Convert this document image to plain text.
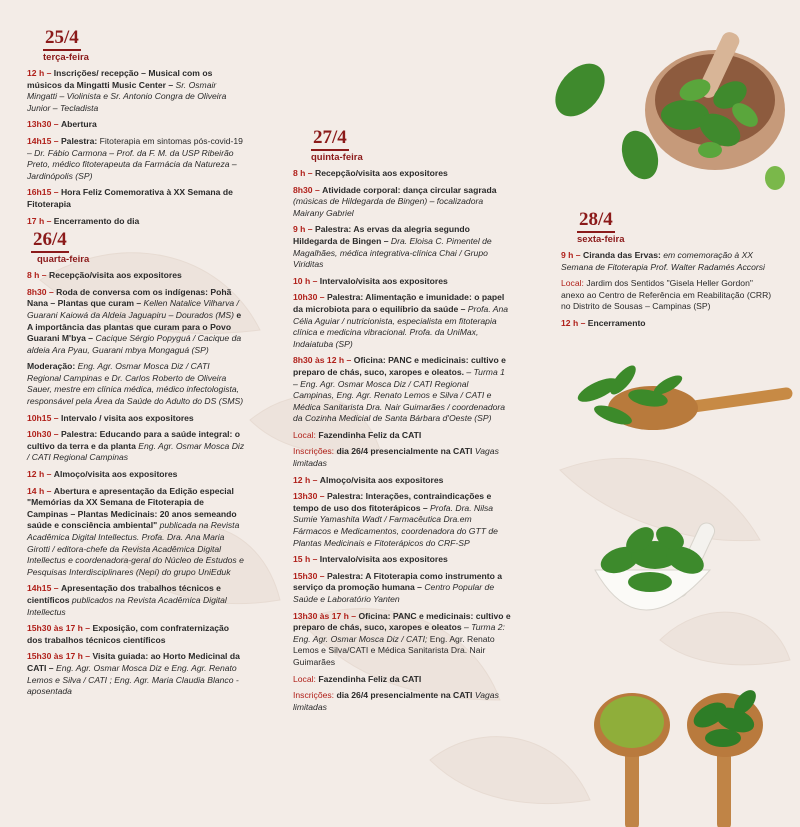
25/4
terça-feira
12 h – Inscrições/ recepção – Musical com os músicos da Mingatti Music Center – Sr. Osmair Mingatti – Violinista e Sr. Antonio Congra de Oliveira Junior – Tecladista
13h30 – Abertura
14h15 – Palestra: Fitoterapia em sintomas pós-covid-19 – Dr. Fábio Carmona – Prof. da F. M. da USP Ribeirão Preto, médico fitoterapeuta da Farmácia da Natureza – Jardinópolis (SP)
16h15 – Hora Feliz Comemorativa à XX Semana de Fitoterapia
17 h – Encerramento do dia
26/4
quarta-feira
8 h – Recepção/visita aos expositores
8h30 – Roda de conversa com os indígenas: Pohã Nana – Plantas que curam – Kellen Natalice Vilharva / Guarani Kaiowá da Aldeia Jaguapiru – Dourados (MS) e A importância das plantas que curam para o Povo Guarani M'bya – Cacique Sérgio Popyguá / Cacique da aldeia Ara Pyau, Guarani mbya Mongaguá (SP)
Moderação: Eng. Agr. Osmar Mosca Diz / CATI Regional Campinas e Dr. Carlos Roberto de Oliveira Sauer, mestre em clínica médica, médico infectologista, responsável pela Área da Saúde do Adulto do DS (SMS)
10h15 – Intervalo / visita aos expositores
10h30 – Palestra: Educando para a saúde integral: o cultivo da terra e da planta Eng. Agr. Osmar Mosca Diz / CATI Regional Campinas
12 h – Almoço/visita aos expositores
14 h – Abertura e apresentação da Edição especial "Memórias da XX Semana de Fitoterapia de Campinas – Plantas Medicinais: 20 anos semeando saúde e consciência ambiental" publicada na Revista Acadêmica Digital Intellectus. Profa. Dra. Ana Maria Girotti / editora-chefe da Revista Acadêmica Digital Intellectus e coordenadora-geral do Núcleo de Estudos e Pesquisas Interdisciplinares (Nepi) do grupo UniEduk
14h15 – Apresentação dos trabalhos técnicos e científicos publicados na Revista Acadêmica Digital Intellectus
15h30 às 17 h – Exposição, com confraternização dos trabalhos técnicos científicos
15h30 às 17 h – Visita guiada: ao Horto Medicinal da CATI – Eng. Agr. Osmar Mosca Diz e Eng. Agr. Renato Lemos e Silva / CATI ; Eng. Agr. Maria Claudia Blanco - aposentada
27/4
quinta-feira
8 h – Recepção/visita aos expositores
8h30 – Atividade corporal: dança circular sagrada (músicas de Hildegarda de Bingen) – focalizadora Mairany Gabriel
9 h – Palestra: As ervas da alegria segundo Hildegarda de Bingen – Dra. Eloisa C. Pimentel de Magalhães, médica integrativa-clínica Chai / Grupo Viriditas
10 h – Intervalo/visita aos expositores
10h30 – Palestra: Alimentação e imunidade: o papel da microbiota para o equilíbrio da saúde – Profa. Ana Célia Aguiar / nutricionista, especialista em fitoterapia clínica e medicina vibracional. Profa. da UniMax, Indaiatuba (SP)
8h30 às 12 h – Oficina: PANC e medicinais: cultivo e preparo de chás, suco, xaropes e oleatos. – Turma 1 – Eng. Agr. Osmar Mosca Diz / CATI Regional Campinas, Eng. Agr. Renato Lemos e Silva / CATI e Médica Sanitarista Dra. Nair Guimarães / coordenadora da Cozinha Medicial de Santa Bárbara d'Oeste (SP)
Local: Fazendinha Feliz da CATI
Inscrições: dia 26/4 presencialmente na CATI Vagas limitadas
12 h – Almoço/visita aos expositores
13h30 – Palestra: Interações, contraindicações e tempo de uso dos fitoterápicos – Profa. Dra. Nilsa Sumie Yamashita Wadt / Farmacêutica Dra.em Fármacos e Medicamentos, coordenadora do GTT de Plantas Medicinais e Fitoterápicos do CRF-SP
15 h – Intervalo/visita aos expositores
15h30 – Palestra: A Fitoterapia como instrumento a serviço da promoção humana – Centro Popular de Saúde e Laboratório Yanten
13h30 às 17 h – Oficina: PANC e medicinais: cultivo e preparo de chás, suco, xaropes e oleatos – Turma 2: Eng. Agr. Osmar Mosca Diz / CATI; Eng. Agr. Renato Lemos e Silva/CATI e Médica Sanitarista Dra. Nair Guimarães
Local: Fazendinha Feliz da CATI
Inscrições: dia 26/4 presencialmente na CATI Vagas limitadas
28/4
sexta-feira
9 h – Ciranda das Ervas: em comemoração à XX Semana de Fitoterapia Prof. Walter Radamés Accorsi
Local: Jardim dos Sentidos "Gisela Heller Gordon" anexo ao Centro de Referência em Reabilitação (CRR) no Distrito de Sousas – Campinas (SP)
12 h – Encerramento
